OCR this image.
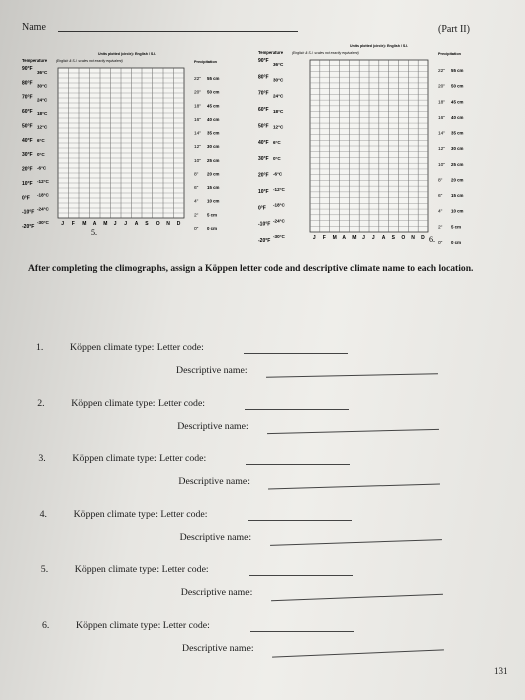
Name	(Part II)
Units plotted (circle): English / S.I.
Temperature	(English & S.I. scales not exactly equivalent)	Precipitation
90°F
80°F
70°F
60°F
50°F
40°F
30°F
20°F
10°F
0°F
-10°F
-20°F
36°C
30°C
24°C
18°C
12°C
6°C
0°C
-6°C
-12°C
-18°C
-24°C
-30°C
22"
20"
18"
16"
14"
12"
10"
8"
6"
4"
2"
0"
55 cm
50 cm
45 cm
40 cm
35 cm
30 cm
25 cm
20 cm
15 cm
10 cm
5 cm
0 cm
J F M A M J J A S O N D
5.
Units plotted (circle): English / S.I.
Temperature	(English & S.I. scales not exactly equivalent)	Precipitation
90°F
80°F
70°F
60°F
50°F
40°F
30°F
20°F
10°F
0°F
-10°F
-20°F
36°C
30°C
24°C
18°C
12°C
6°C
0°C
-6°C
-12°C
-18°C
-24°C
-30°C
22"
20"
18"
16"
14"
12"
10"
8"
6"
4"
2"
0"
55 cm
50 cm
45 cm
40 cm
35 cm
30 cm
25 cm
20 cm
15 cm
10 cm
5 cm
0 cm
J F M A M J J A S O N D 6.
After completing the climographs, assign a Köppen letter code and descriptive climate name to each location.
1.	Köppen climate type: Letter code:
Descriptive name:
2.	Köppen climate type: Letter code:
Descriptive name:
3.	Köppen climate type: Letter code:
Descriptive name:
4.	Köppen climate type: Letter code:
Descriptive name:
5.	Köppen climate type: Letter code:
Descriptive name:
6.	Köppen climate type: Letter code:
Descriptive name:
131
